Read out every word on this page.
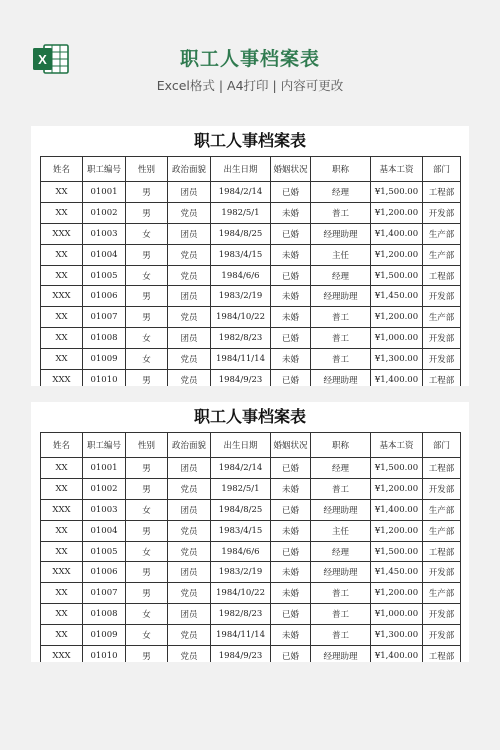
X	职工人事档案表
Excel格式 | A4打印 | 内容可更改
职工人事档案表
姓名	职工编号	性别	政治面貌	出生日期	婚姻状况	职称	基本工资	部门
XX	01001	男	团员	1984/2/14	已婚	经理	¥1,500.00	工程部
XX	01002	男	党员	1982/5/1	未婚	普工	¥1,200.00	开发部
XXX	01003	女	团员	1984/8/25	已婚	经理助理	¥1,400.00	生产部
XX	01004	男	党员	1983/4/15	未婚	主任	¥1,200.00	生产部
XX	01005	女	党员	1984/6/6	已婚	经理	¥1,500.00	工程部
XXX	01006	男	团员	1983/2/19	未婚	经理助理	¥1,450.00	开发部
XX	01007	男	党员	1984/10/22	未婚	普工	¥1,200.00	生产部
XX	01008	女	团员	1982/8/23	已婚	普工	¥1,000.00	开发部
XX	01009	女	党员	1984/11/14	未婚	普工	¥1,300.00	开发部
XXX	01010	男	党员	1984/9/23	已婚	经理助理	¥1,400.00	工程部
职工人事档案表
姓名	职工编号	性别	政治面貌	出生日期	婚姻状况	职称	基本工资	部门
XX	01001	男	团员	1984/2/14	已婚	经理	¥1,500.00	工程部
XX	01002	男	党员	1982/5/1	未婚	普工	¥1,200.00	开发部
XXX	01003	女	团员	1984/8/25	已婚	经理助理	¥1,400.00	生产部
XX	01004	男	党员	1983/4/15	未婚	主任	¥1,200.00	生产部
XX	01005	女	党员	1984/6/6	已婚	经理	¥1,500.00	工程部
XXX	01006	男	团员	1983/2/19	未婚	经理助理	¥1,450.00	开发部
XX	01007	男	党员	1984/10/22	未婚	普工	¥1,200.00	生产部
XX	01008	女	团员	1982/8/23	已婚	普工	¥1,000.00	开发部
XX	01009	女	党员	1984/11/14	未婚	普工	¥1,300.00	开发部
XXX	01010	男	党员	1984/9/23	已婚	经理助理	¥1,400.00	工程部
